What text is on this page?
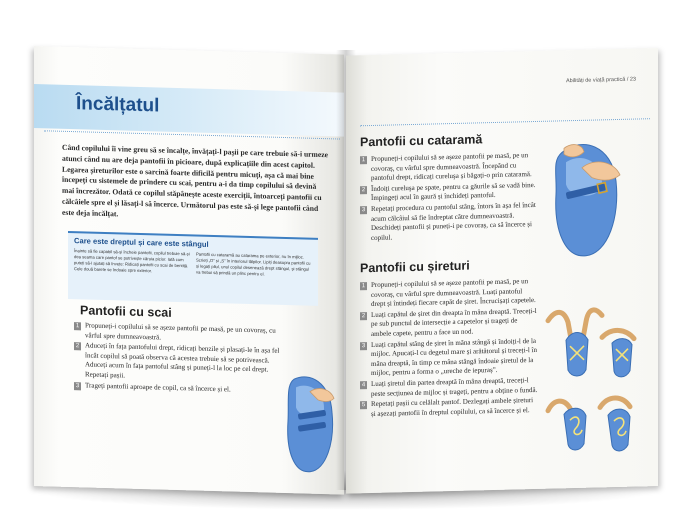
Încălțatul
Când copilului îi vine greu să se încalțe, învățați-l pașii pe care trebuie să-i urmeze atunci când nu are deja pantofii în picioare, după explicațiile din acest capitol. Legarea șireturilor este o sarcină foarte dificilă pentru micuți, așa că mai bine începeți cu sistemele de prindere cu scai, pentru a-i da timp copilului să devină mai încrezător. Odată ce copilul stăpânește aceste exerciții, întoarceți pantofii cu călcâiele spre el și lăsați-l să încerce. Următorul pas este să-și lege pantofii când este deja încălțat.
Care este dreptul și care este stângul
Înainte să fie capabil să-și încheie pantofii, copilul trebuie să-și dea seama care pantof se potrivește căruia picior. Iată cum puteți să-l ajutați să învețe: Ridicați pantofii cu scai de bentiță. Cele două barete se îndoaie spre exterior.
Pantofii cu cataramă au catarama pe exterior, nu în mijloc. Scrieți „D” și „S” în interiorul tălpilor. Lipiți deasupra pantofii cu și legați pliul, unul copilul desenează drept stângul, și stângul va trebui să prindă un plinc pentru el.
Pantofii cu scai
1 Propuneți-i copilului să se așeze pantofii pe masă, pe un covoraș, cu vârful spre dumneavoastră.
2 Aduceți în fața pantofului drept, ridicați benzile și plasați-le în așa fel încât copilul să poată observa că acestea trebuie să se potrivească. Aduceți acum în fața pantoful stâng și puneți-l la loc pe cel drept. Repetați pașii.
3 Trageți pantofii aproape de copil, ca să încerce și el.
Abilități de viață practică / 23
Pantofii cu cataramă
1 Propuneți-i copilului să se așeze pantofii pe masă, pe un covoraș, cu vârful spre dumneavoastră. Începând cu pantoful drept, ridicați cureluşa și băgați-o prin cataramă.
2 Îndoiți cureluşa pe spate, pentru ca găurile să se vadă bine. Împingeți acul în gaură și închideți pantoful.
3 Repetați procedura cu pantoful stâng, întors în așa fel încât acum călcâiul să fie îndreptat către dumneavoastră. Deschideți pantofii și puneți-i pe covoraș, ca să încerce și copilul.
Pantofii cu șireturi
1 Propuneți-i copilului să se așeze pantofii pe masă, pe un covoraș, cu vârful spre dumneavoastră. Luați pantoful drept și întindeți fiecare capăt de șiret. Încrucișați capetele.
2 Luați capătul de șiret din dreapta în mâna dreaptă. Treceți-l pe sub punctul de intersecție a capetelor și trageți de ambele capete, pentru a face un nod.
3 Luați capătul stâng de șiret în mâna stângă și îndoiți-l de la mijloc. Apucați-l cu degetul mare și arătătorul și treceți-l în mâna dreaptă, în timp ce mâna stângă îndoaie șiretul de la mijloc, pentru a forma o „ureche de iepuraș”.
4 Luați șiretul din partea dreaptă în mâna dreaptă, treceți-l peste secțiunea de mijloc și trageți, pentru a obține o fundă.
5 Repetați pașii cu celălalt pantof. Dezlegați ambele șireturi și așezați pantofii în dreptul copilului, ca să încerce și el.
